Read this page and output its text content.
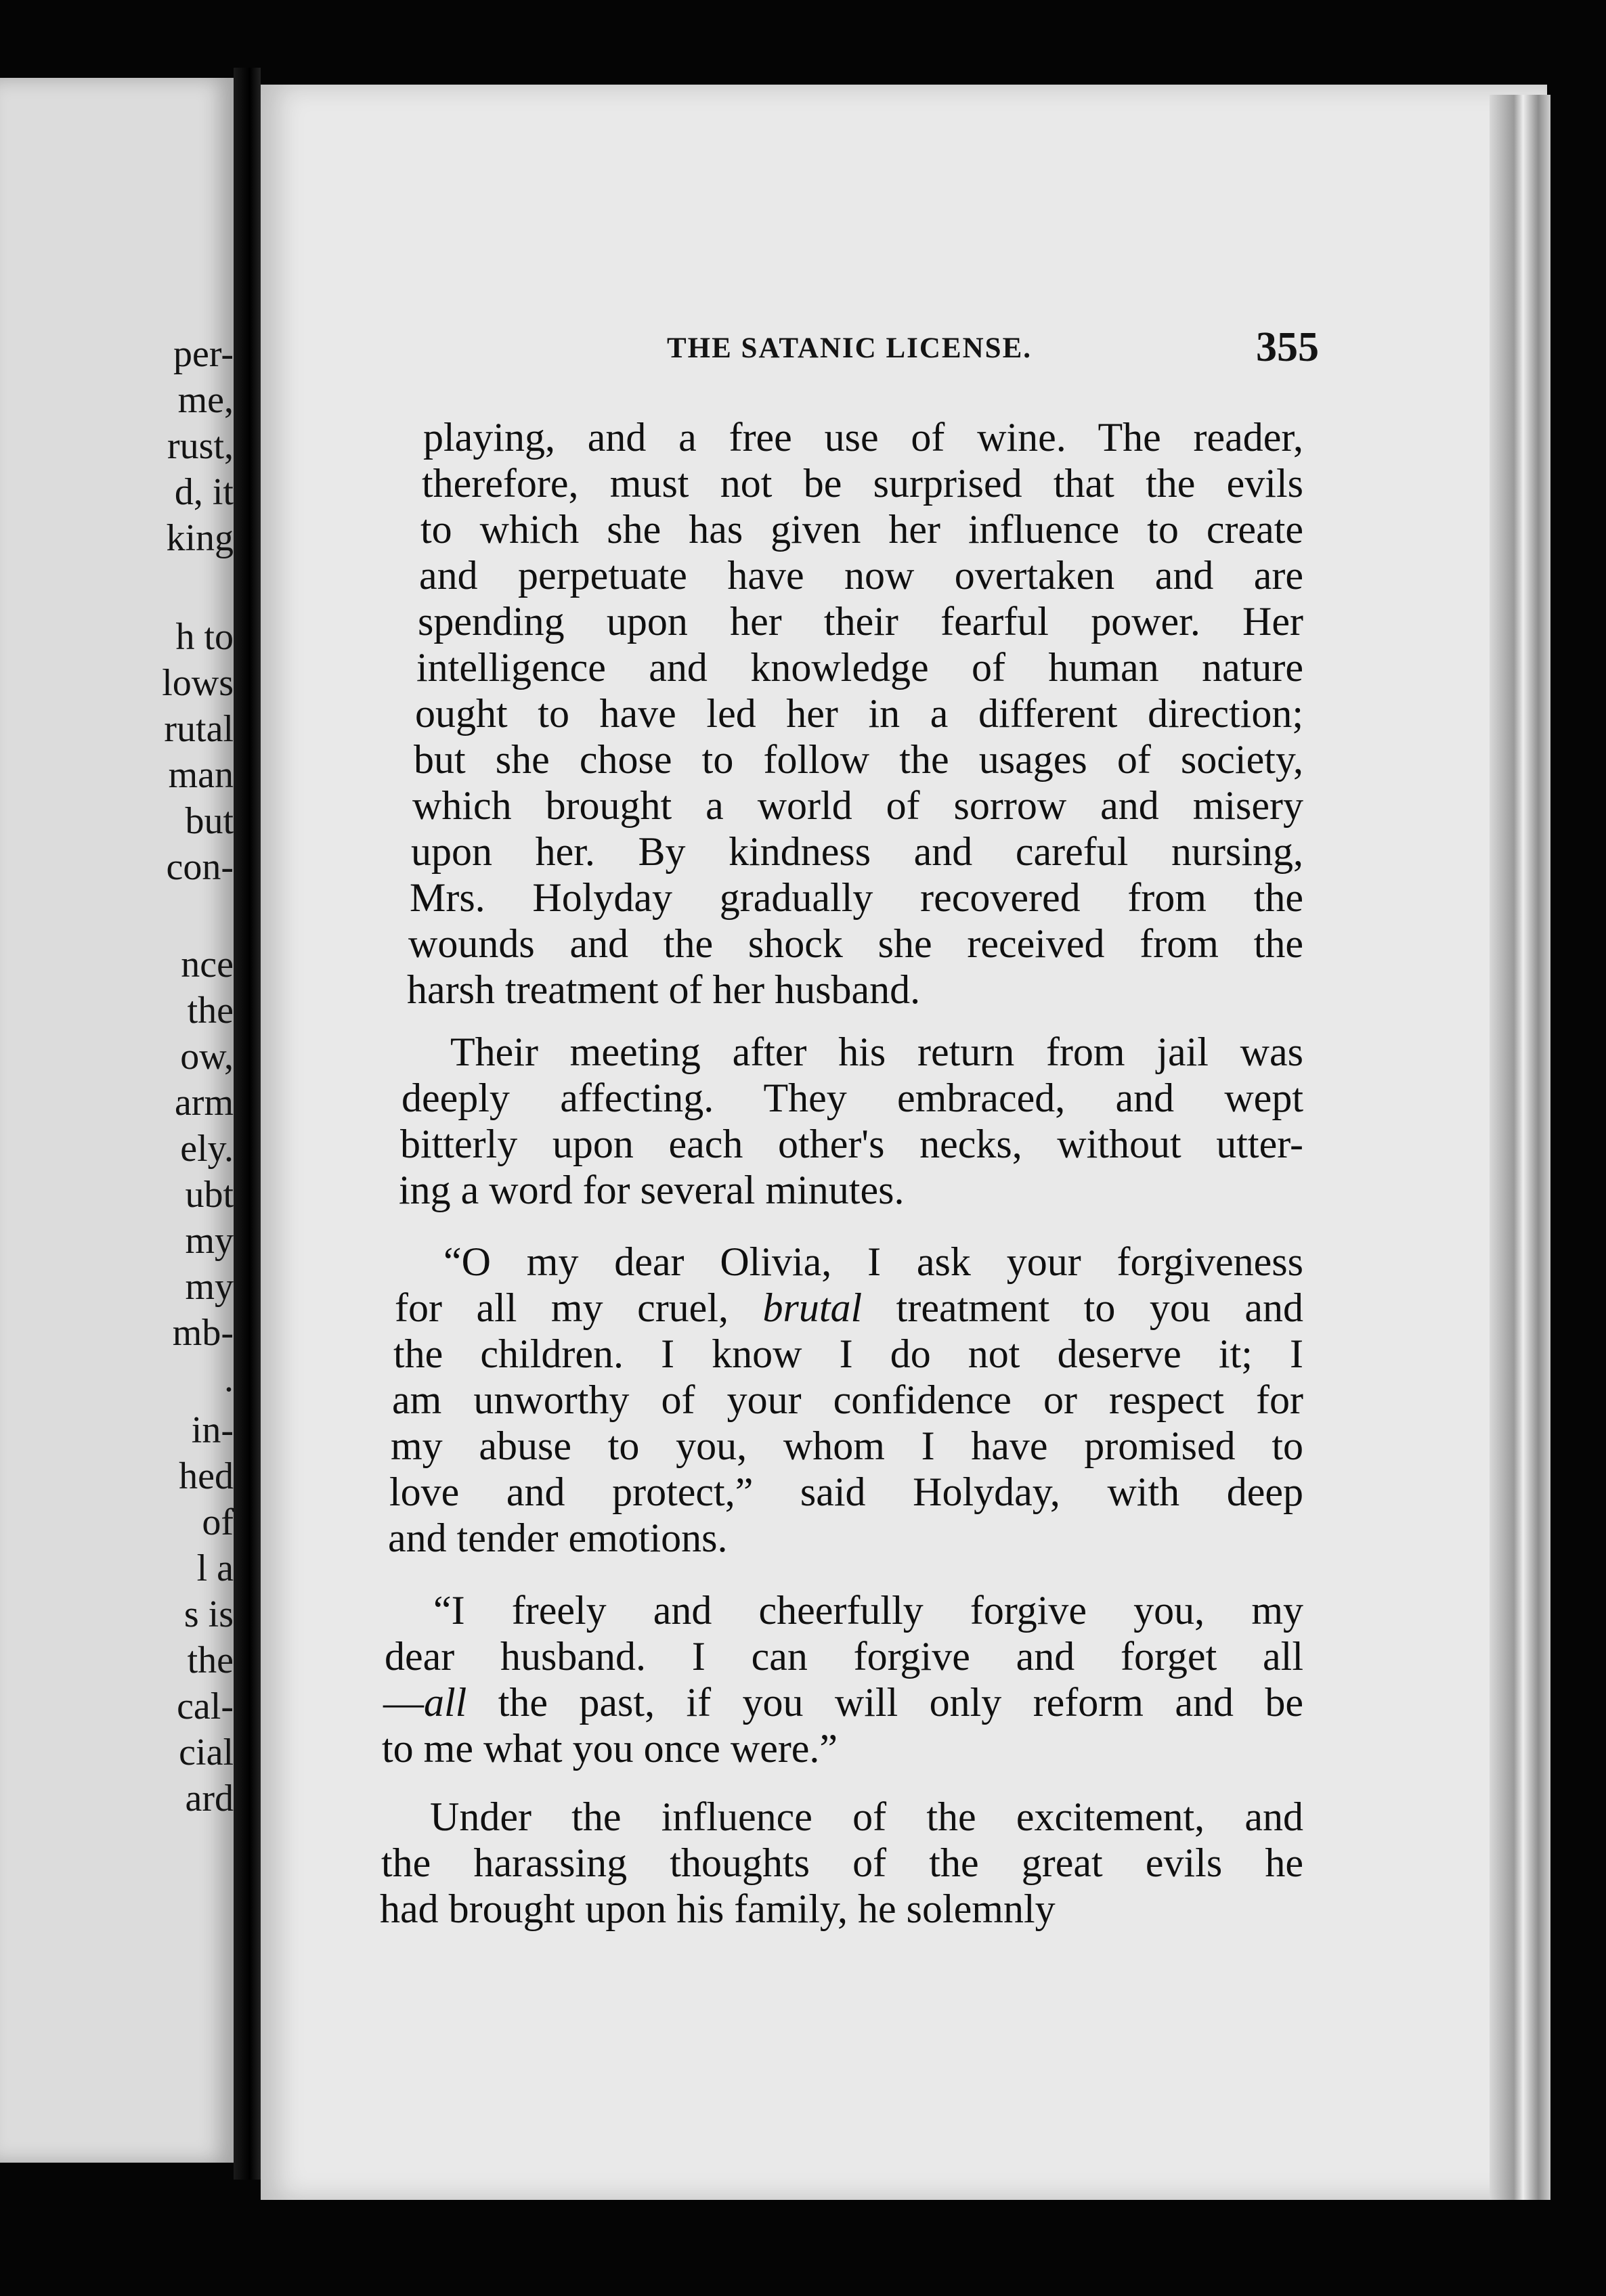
per-
me,
rust,
d, it
king
h to
lows
rutal
man
but
con-
nce
the
ow,
arm
ely.
ubt
my
my
mb-
.
in-
hed
of
l a
s is
the
cal-
cial
ard
THE SATANIC LICENSE.	355
playing, and a free use of wine. The reader,
therefore, must not be surprised that the evils
to which she has given her influence to create
and perpetuate have now overtaken and are
spending upon her their fearful power. Her
intelligence and knowledge of human nature
ought to have led her in a different direction;
but she chose to follow the usages of society,
which brought a world of sorrow and misery
upon her. By kindness and careful nursing,
Mrs. Holyday gradually recovered from the
wounds and the shock she received from the
harsh treatment of her husband.
Their meeting after his return from jail was
deeply affecting. They embraced, and wept
bitterly upon each other's necks, without utter-
ing a word for several minutes.
“O my dear Olivia, I ask your forgiveness
for all my cruel, brutal treatment to you and
the children. I know I do not deserve it; I
am unworthy of your confidence or respect for
my abuse to you, whom I have promised to
love and protect,” said Holyday, with deep
and tender emotions.
“I freely and cheerfully forgive you, my
dear husband. I can forgive and forget all
—all the past, if you will only reform and be
to me what you once were.”
Under the influence of the excitement, and
the harassing thoughts of the great evils he
had brought upon his family, he solemnly
